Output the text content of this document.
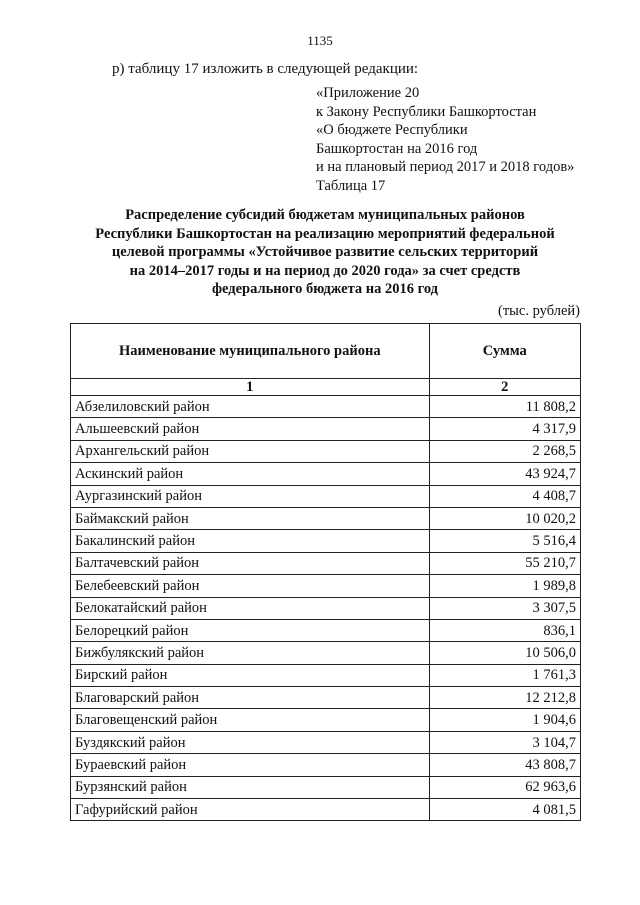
1135
р) таблицу 17 изложить в следующей редакции:
«Приложение 20
к Закону Республики Башкортостан
«О бюджете Республики
Башкортостан на 2016 год
и на плановый период 2017 и 2018 годов»
Таблица 17
Распределение субсидий бюджетам муниципальных районов
Республики Башкортостан на реализацию мероприятий федеральной
целевой программы «Устойчивое развитие сельских территорий
на 2014–2017 годы и на период до 2020 года» за счет средств
федерального бюджета на 2016 год
(тыс. рублей)
Наименование муниципального района	Сумма
1	2
Абзелиловский район	11 808,2
Альшеевский район	4 317,9
Архангельский район	2 268,5
Аскинский район	43 924,7
Аургазинский район	4 408,7
Баймакский район	10 020,2
Бакалинский район	5 516,4
Балтачевский район	55 210,7
Белебеевский район	1 989,8
Белокатайский район	3 307,5
Белорецкий район	836,1
Бижбулякский район	10 506,0
Бирский район	1 761,3
Благоварский район	12 212,8
Благовещенский район	1 904,6
Буздякский район	3 104,7
Бураевский район	43 808,7
Бурзянский район	62 963,6
Гафурийский район	4 081,5
